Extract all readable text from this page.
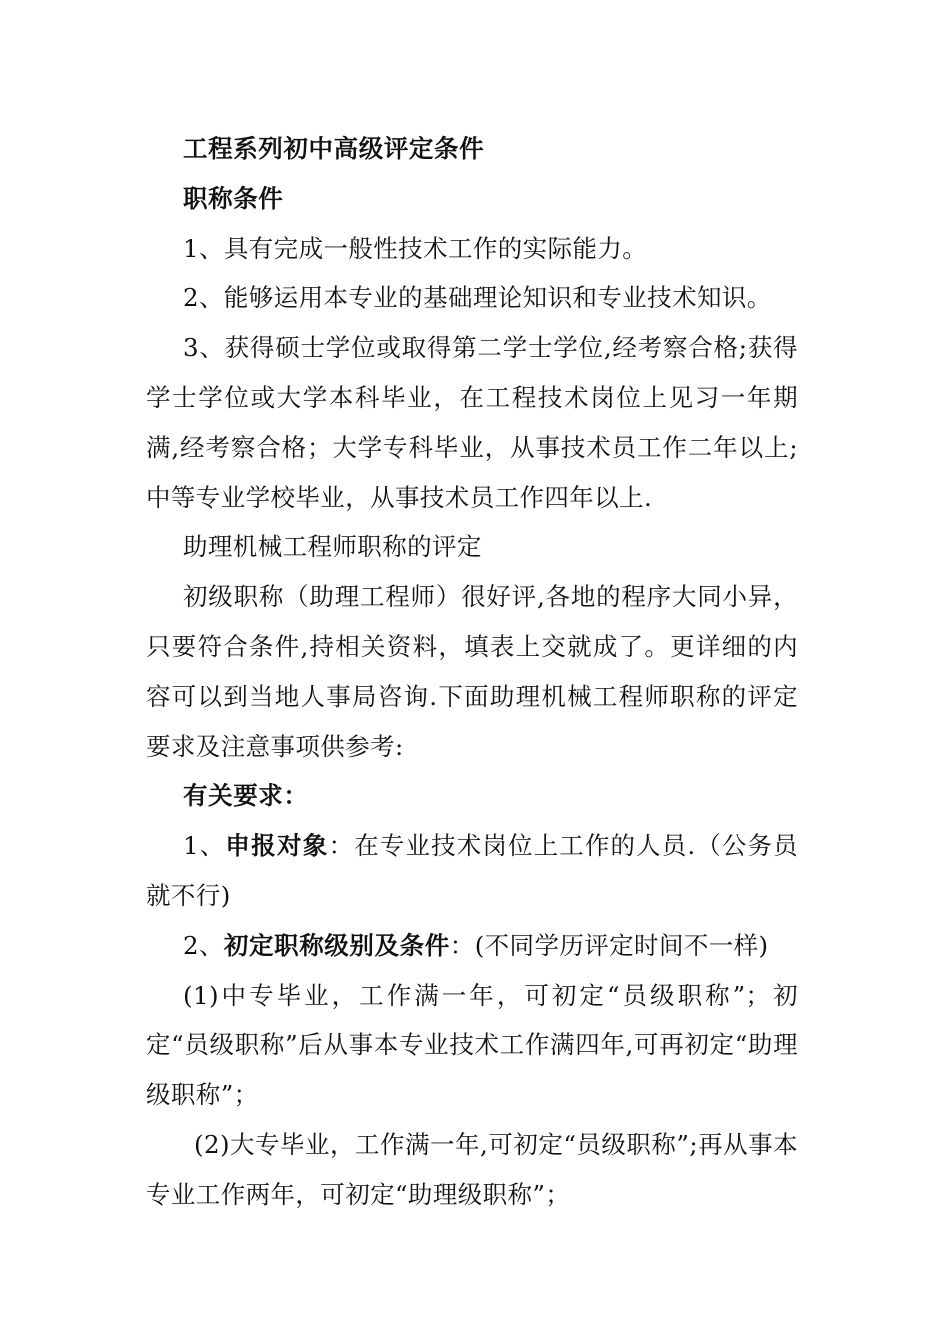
工程系列初中高级评定条件

职称条件

1、具有完成一般性技术工作的实际能力。

2、能够运用本专业的基础理论知识和专业技术知识。

3、获得硕士学位或取得第二学士学位,经考察合格;获得学士学位或大学本科毕业，在工程技术岗位上见习一年期满,经考察合格；大学专科毕业，从事技术员工作二年以上;中等专业学校毕业，从事技术员工作四年以上.

助理机械工程师职称的评定

初级职称（助理工程师）很好评,各地的程序大同小异，只要符合条件,持相关资料，填表上交就成了。更详细的内容可以到当地人事局咨询.下面助理机械工程师职称的评定要求及注意事项供参考:

有关要求：

1、申报对象：在专业技术岗位上工作的人员.（公务员就不行)

2、初定职称级别及条件：(不同学历评定时间不一样)

(1)中专毕业，工作满一年，可初定“员级职称”；初定“员级职称”后从事本专业技术工作满四年,可再初定“助理级职称”；

(2)大专毕业，工作满一年,可初定“员级职称”;再从事本专业工作两年，可初定“助理级职称”；
